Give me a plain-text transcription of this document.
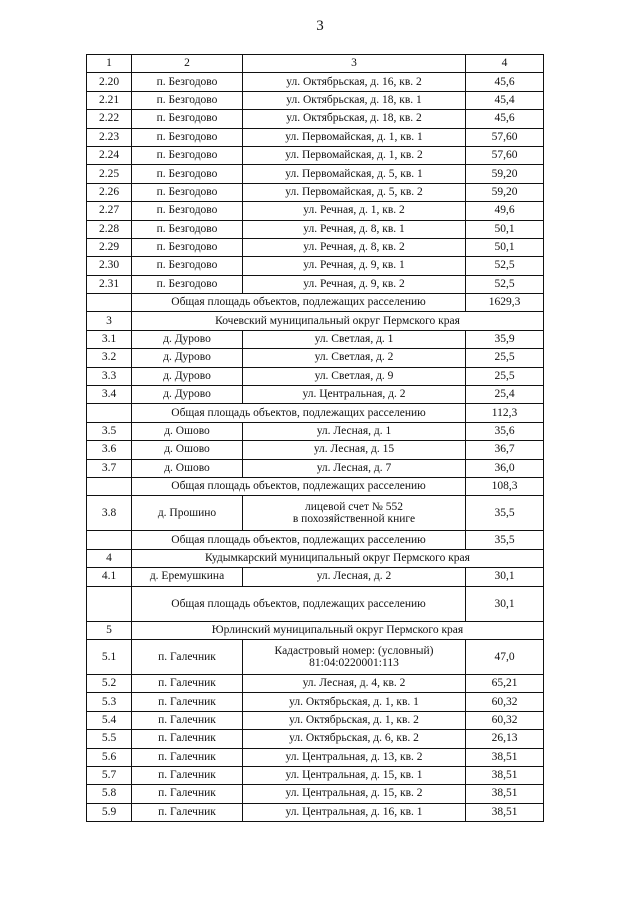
3
1	2	3	4
2.20	п. Безгодово	ул. Октябрьская, д. 16, кв. 2	45,6
2.21	п. Безгодово	ул. Октябрьская, д. 18, кв. 1	45,4
2.22	п. Безгодово	ул. Октябрьская, д. 18, кв. 2	45,6
2.23	п. Безгодово	ул. Первомайская, д. 1, кв. 1	57,60
2.24	п. Безгодово	ул. Первомайская, д. 1, кв. 2	57,60
2.25	п. Безгодово	ул. Первомайская, д. 5, кв. 1	59,20
2.26	п. Безгодово	ул. Первомайская, д. 5, кв. 2	59,20
2.27	п. Безгодово	ул. Речная, д. 1, кв. 2	49,6
2.28	п. Безгодово	ул. Речная, д. 8, кв. 1	50,1
2.29	п. Безгодово	ул. Речная, д. 8, кв. 2	50,1
2.30	п. Безгодово	ул. Речная, д. 9, кв. 1	52,5
2.31	п. Безгодово	ул. Речная, д. 9, кв. 2	52,5
	Общая площадь объектов, подлежащих расселению		1629,3
3	Кочевский муниципальный округ Пермского края		
3.1	д. Дурово	ул. Светлая, д. 1	35,9
3.2	д. Дурово	ул. Светлая, д. 2	25,5
3.3	д. Дурово	ул. Светлая, д. 9	25,5
3.4	д. Дурово	ул. Центральная, д. 2	25,4
	Общая площадь объектов, подлежащих расселению		112,3
3.5	д. Ошово	ул. Лесная, д. 1	35,6
3.6	д. Ошово	ул. Лесная, д. 15	36,7
3.7	д. Ошово	ул. Лесная, д. 7	36,0
	Общая площадь объектов, подлежащих расселению		108,3
3.8	д. Прошино	лицевой счет № 552
в похозяйственной книге	35,5
	Общая площадь объектов, подлежащих расселению		35,5
4	Кудымкарский муниципальный округ Пермского края		
4.1	д. Еремушкина	ул. Лесная, д. 2	30,1
	Общая площадь объектов, подлежащих расселению		30,1
5	Юрлинский муниципальный округ Пермского края		
5.1	п. Галечник	Кадастровый номер: (условный)
81:04:0220001:113	47,0
5.2	п. Галечник	ул. Лесная, д. 4, кв. 2	65,21
5.3	п. Галечник	ул. Октябрьская, д. 1, кв. 1	60,32
5.4	п. Галечник	ул. Октябрьская, д. 1, кв. 2	60,32
5.5	п. Галечник	ул. Октябрьская, д. 6, кв. 2	26,13
5.6	п. Галечник	ул. Центральная, д. 13, кв. 2	38,51
5.7	п. Галечник	ул. Центральная, д. 15, кв. 1	38,51
5.8	п. Галечник	ул. Центральная, д. 15, кв. 2	38,51
5.9	п. Галечник	ул. Центральная, д. 16, кв. 1	38,51
